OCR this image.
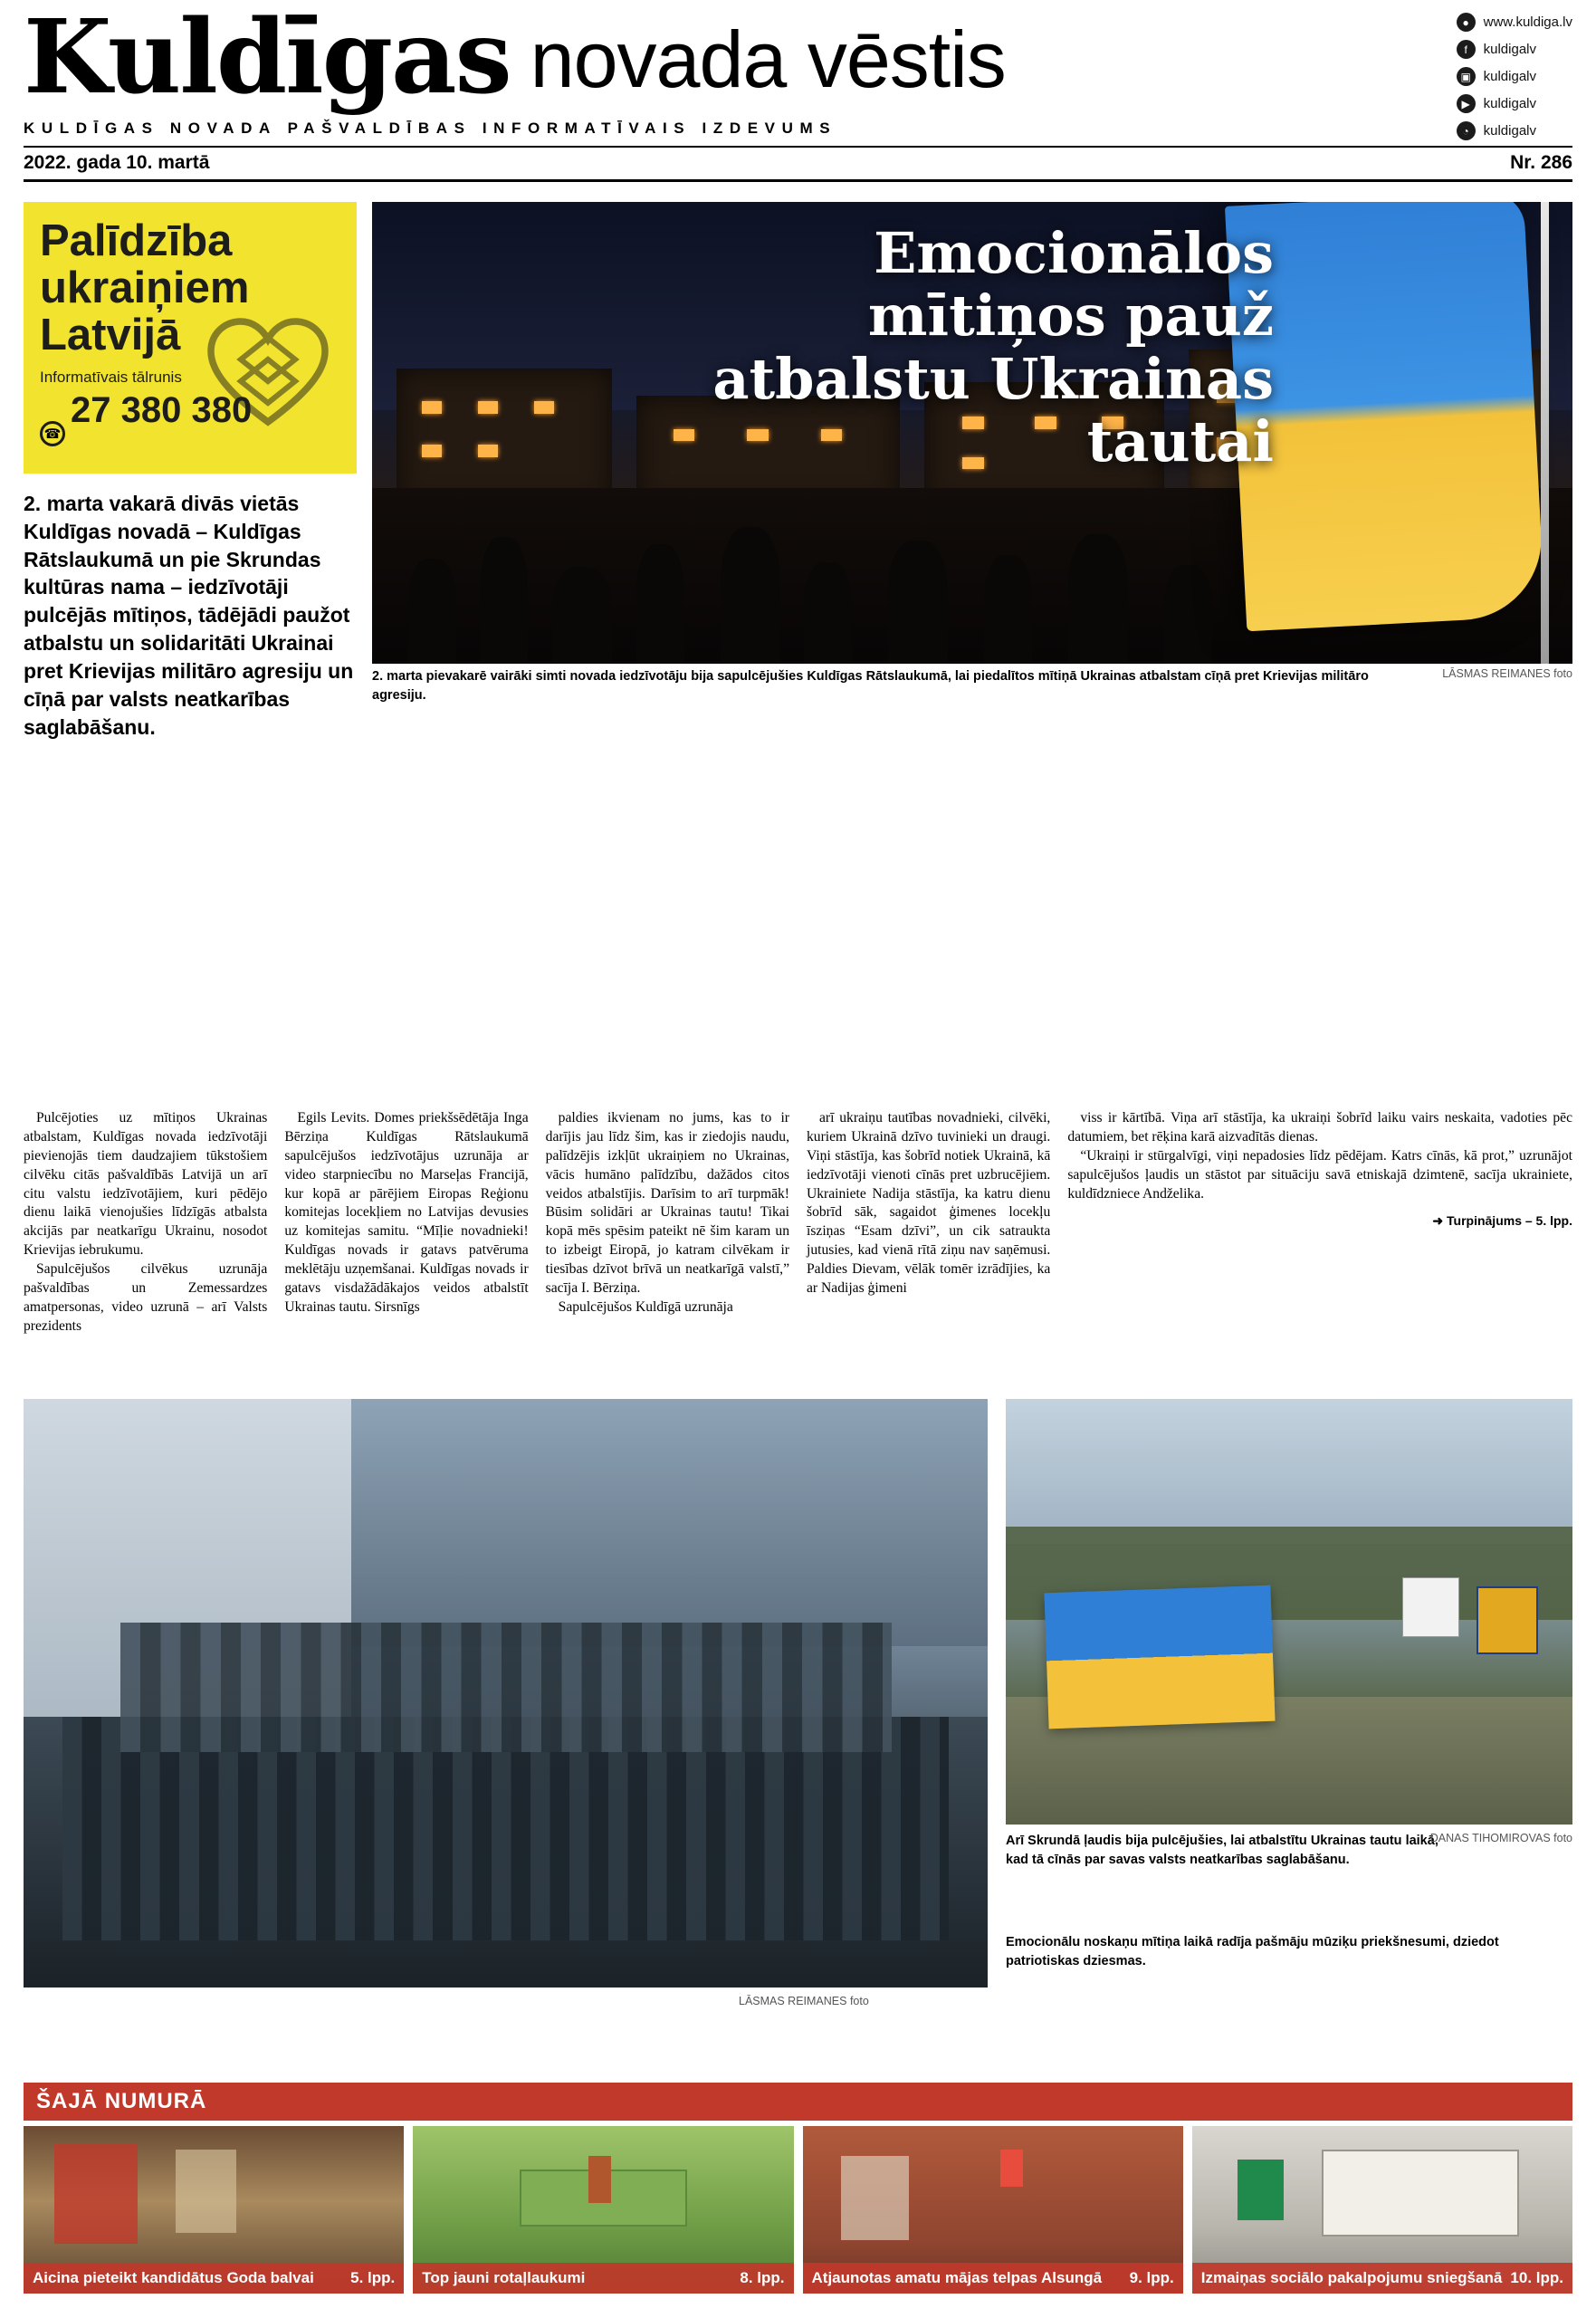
Kuldīgas novada vēstis	●	www.kuldiga.lv
f	kuldigalv
▣ kuldigalv
▶ kuldigalv
◔	kuldigalv
KULDĪGAS NOVADA PAŠVALDĪBAS INFORMATĪVAIS IZDEVUMS
2022. gada 10. martā	Nr. 286
Palīdzība ukraiņiem Latvijā
Informatīvais tālrunis
27 380 380
☎
Emocionālos mītiņos pauž atbalstu Ukrainas tautai
2. marta pievakarē vairāki simti novada iedzīvotāju bija sapulcējušies Kuldīgas Rātslaukumā, lai piedalītos mītiņā Ukrainas atbalstam cīņā pret Krievijas militāro agresiju.
LĀSMAS REIMANES foto
2. marta vakarā divās vietās Kuldīgas novadā – Kuldīgas Rātslaukumā un pie Skrundas kultūras nama – iedzīvotāji pulcējās mītiņos, tādējādi paužot atbalstu un solidaritāti Ukrainai pret Krievijas militāro agresiju un cīņā par valsts neatkarības saglabāšanu.

Pulcējoties uz mītiņos Ukrainas atbalstam, Kuldīgas novada iedzīvotāji pievienojās tiem daudzajiem tūkstošiem cilvēku citās pašvaldībās Latvijā un arī citu valstu iedzīvotājiem, kuri pēdējo dienu laikā vienojušies līdzīgās atbalsta akcijās par neatkarīgu Ukrainu, nosodot Krievijas iebrukumu.

Sapulcējušos cilvēkus uzrunāja pašvaldības un Zemessardzes amatpersonas, video uzrunā – arī Valsts prezidents

Egils Levits. Domes priekšsēdētāja Inga Bērziņa Kuldīgas Rātslaukumā sapulcējušos iedzīvotājus uzrunāja ar video starpniecību no Marseļas Francijā, kur kopā ar pārējiem Eiropas Reģionu komitejas locekļiem no Latvijas devusies uz komitejas samitu. “Mīļie novadnieki! Kuldīgas novads ir gatavs patvēruma meklētāju uzņemšanai. Kuldīgas novads ir gatavs visdažādākajos veidos atbalstīt Ukrainas tautu. Sirsnīgs

paldies ikvienam no jums, kas to ir darījis jau līdz šim, kas ir ziedojis naudu, palīdzējis izkļūt ukraiņiem no Ukrainas, vācis humāno palīdzību, dažādos citos veidos atbalstījis. Darīsim to arī turpmāk! Būsim solidāri ar Ukrainas tautu! Tikai kopā mēs spēsim pateikt nē šim karam un to izbeigt Eiropā, jo katram cilvēkam ir tiesības dzīvot brīvā un neatkarīgā valstī,” sacīja I. Bērziņa.

Sapulcējušos Kuldīgā uzrunāja

arī ukraiņu tautības novadnieki, cilvēki, kuriem Ukrainā dzīvo tuvinieki un draugi. Viņi stāstīja, kas šobrīd notiek Ukrainā, kā iedzīvotāji vienoti cīnās pret uzbrucējiem. Ukrainiete Nadija stāstīja, ka katru dienu šobrīd sāk, sagaidot ģimenes locekļu īsziņas “Esam dzīvi”, un cik satraukta jutusies, kad vienā rītā ziņu nav saņēmusi. Paldies Dievam, vēlāk tomēr izrādījies, ka ar Nadijas ģimeni

viss ir kārtībā. Viņa arī stāstīja, ka ukraiņi šobrīd laiku vairs neskaita, vadoties pēc datumiem, bet rēķina karā aizvadītās dienas.

“Ukraiņi ir stūrgalvīgi, viņi nepadosies līdz pēdējam. Katrs cīnās, kā prot,” uzrunājot sapulcējušos ļaudis un stāstot par situāciju savā etniskajā dzimtenē, sacīja ukrainiete, kuldīdzniece Andželika.

➜ Turpinājums – 5. lpp.
Arī Skrundā ļaudis bija pulcējušies, lai atbalstītu Ukrainas tautu laikā, kad tā cīnās par savas valsts neatkarības saglabāšanu.
DANAS TIHOMIROVAS foto
Emocionālu noskaņu mītiņa laikā radīja pašmāju mūziķu priekšnesumi, dziedot patriotiskas dziesmas.
LĀSMAS REIMANES foto
ŠAJĀ NUMURĀ
Aicina pieteikt kandidātus Goda balvai 5. lpp. Top jauni rotaļlaukumi	8. lpp. Atjaunotas amatu mājas telpas Alsungā 9. lpp. Izmaiņas sociālo pakalpojumu sniegšanā 10. lpp.
